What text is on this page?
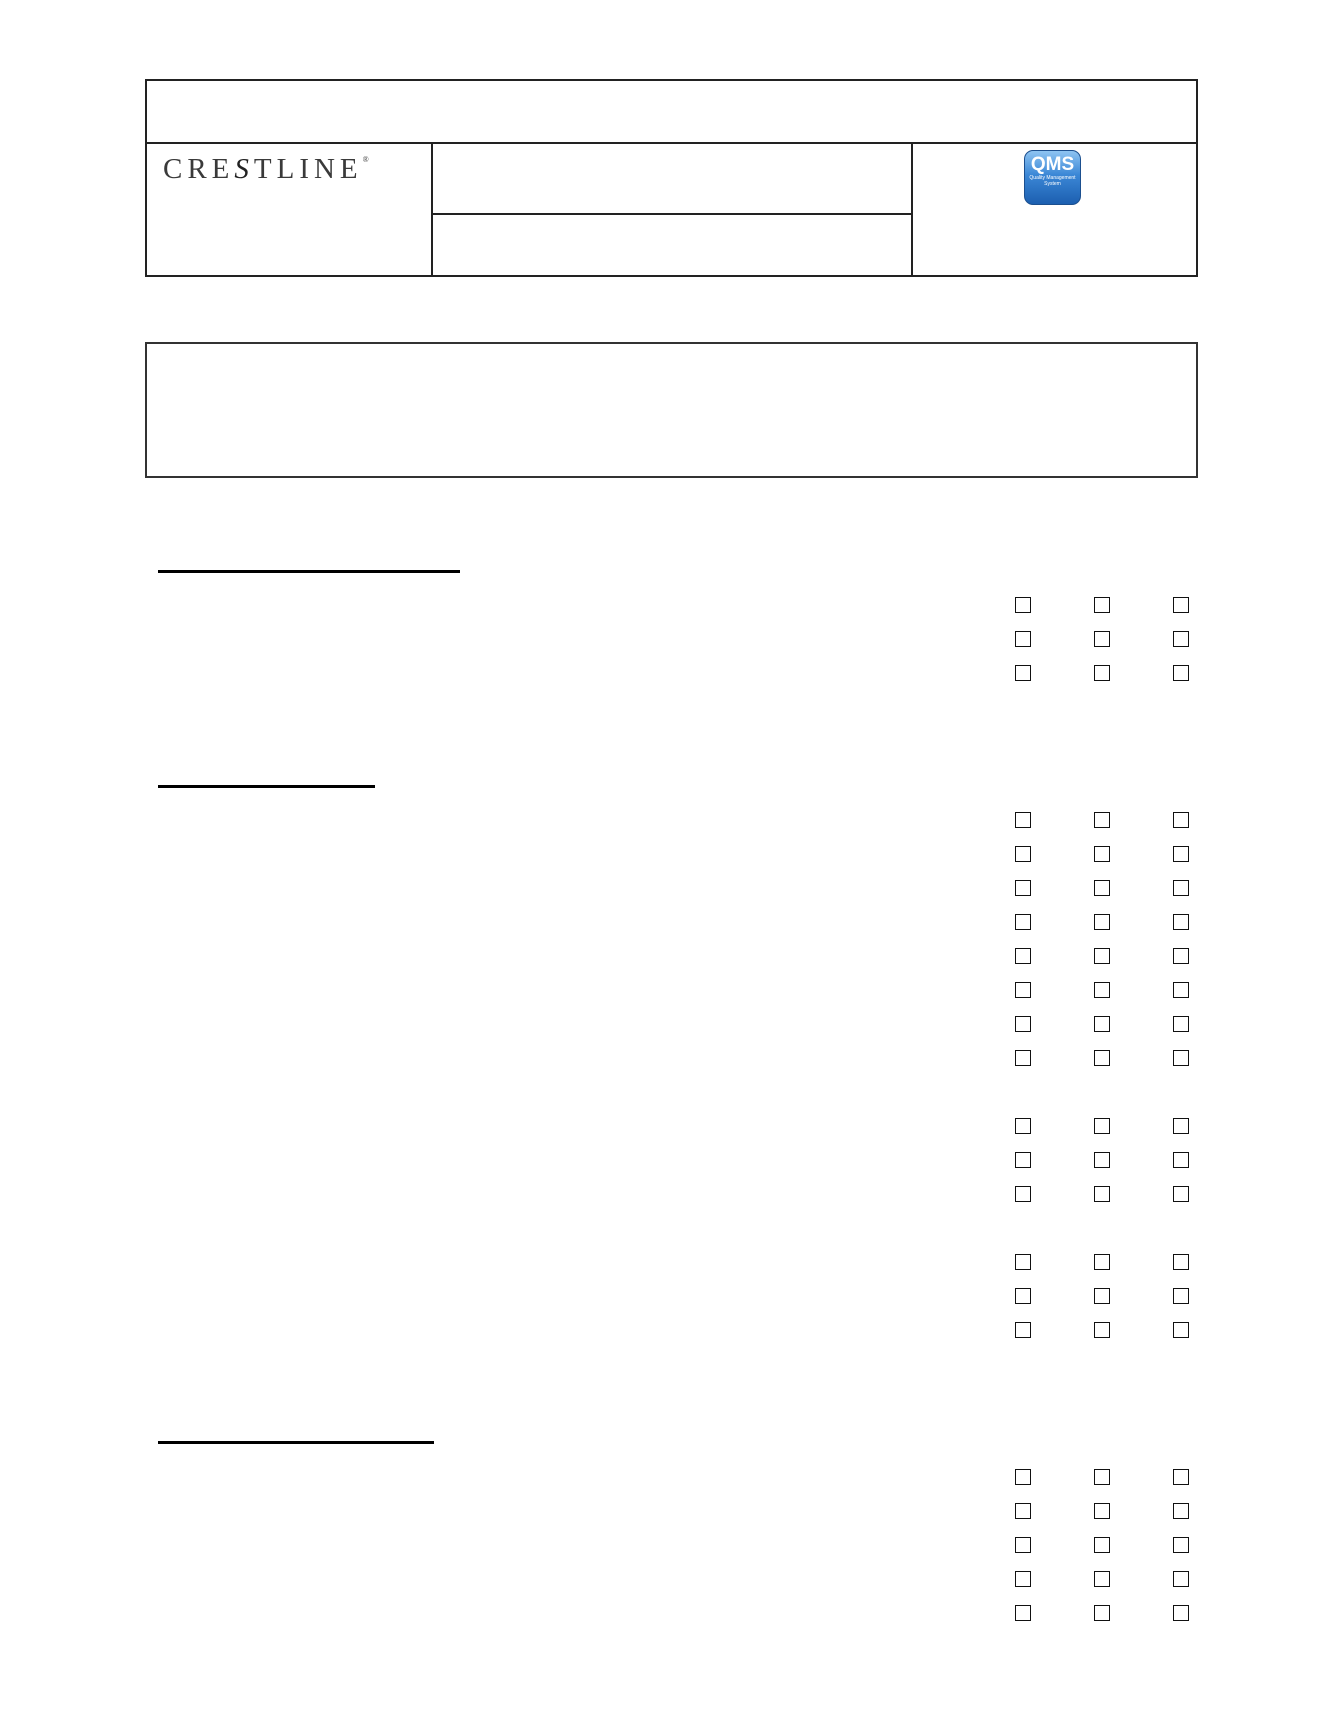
CRESTLINE®	QMS
Quality Management System
